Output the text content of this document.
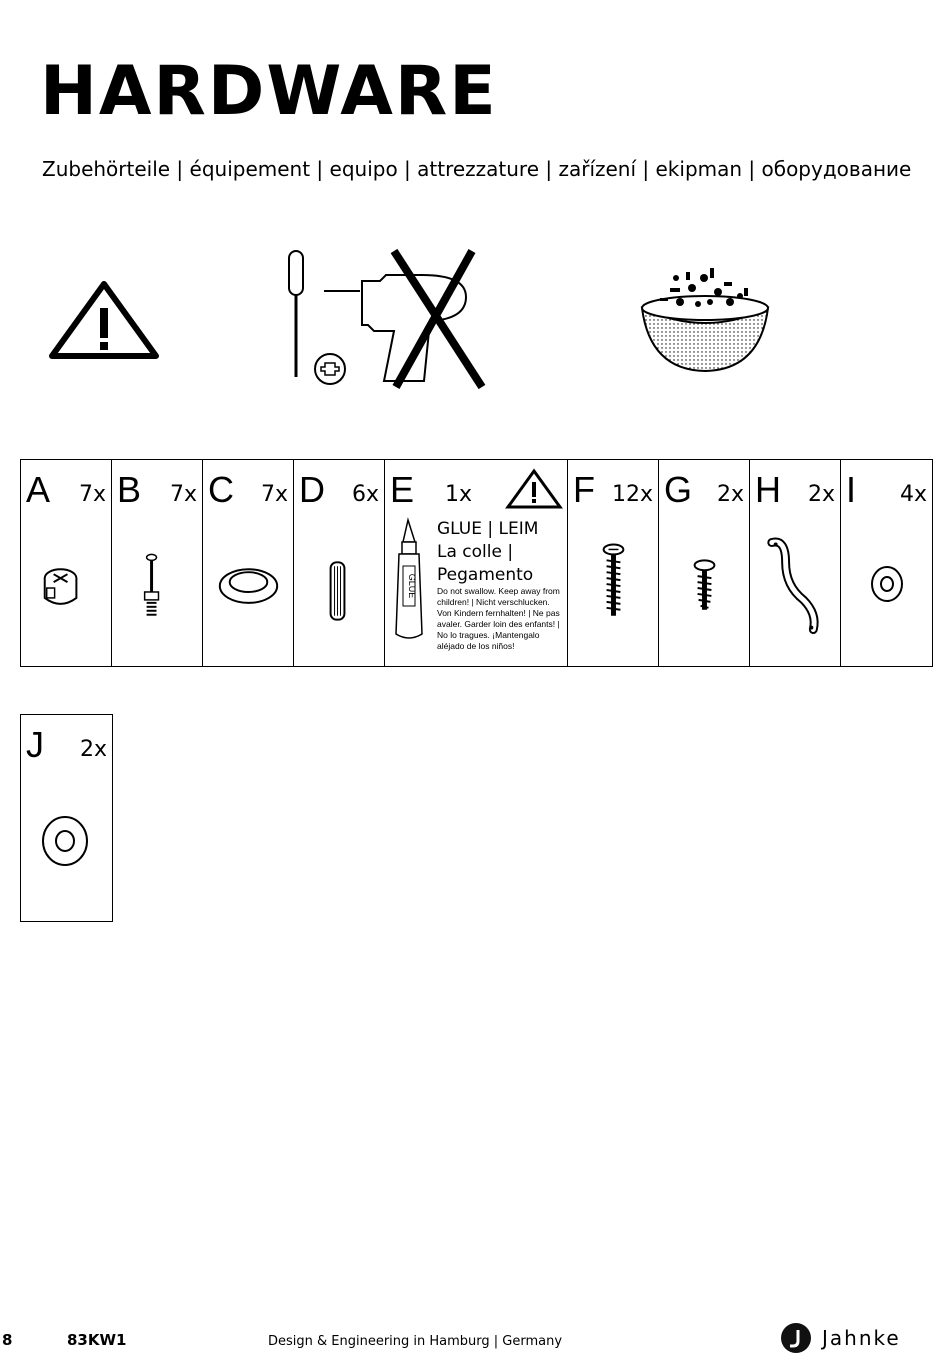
HARDWARE
Zubehörteile | équipement | equipo | attrezzature | zařízení | ekipman | оборудование
A 7x B 7x C 7x D 6x E 1x
GLUE
GLUE | LEIM La colle | Pegamento
Do not swallow. Keep away from children! | Nicht verschlucken. Von Kindern fernhalten! | Ne pas avaler. Garder loin des enfants! | No lo tragues. ¡Mantengalo aléjado de los niños!
F 12x G 2x H 2x I 4x
J 2x
8	83KW1	Design & Engineering in Hamburg | Germany	Jahnke
